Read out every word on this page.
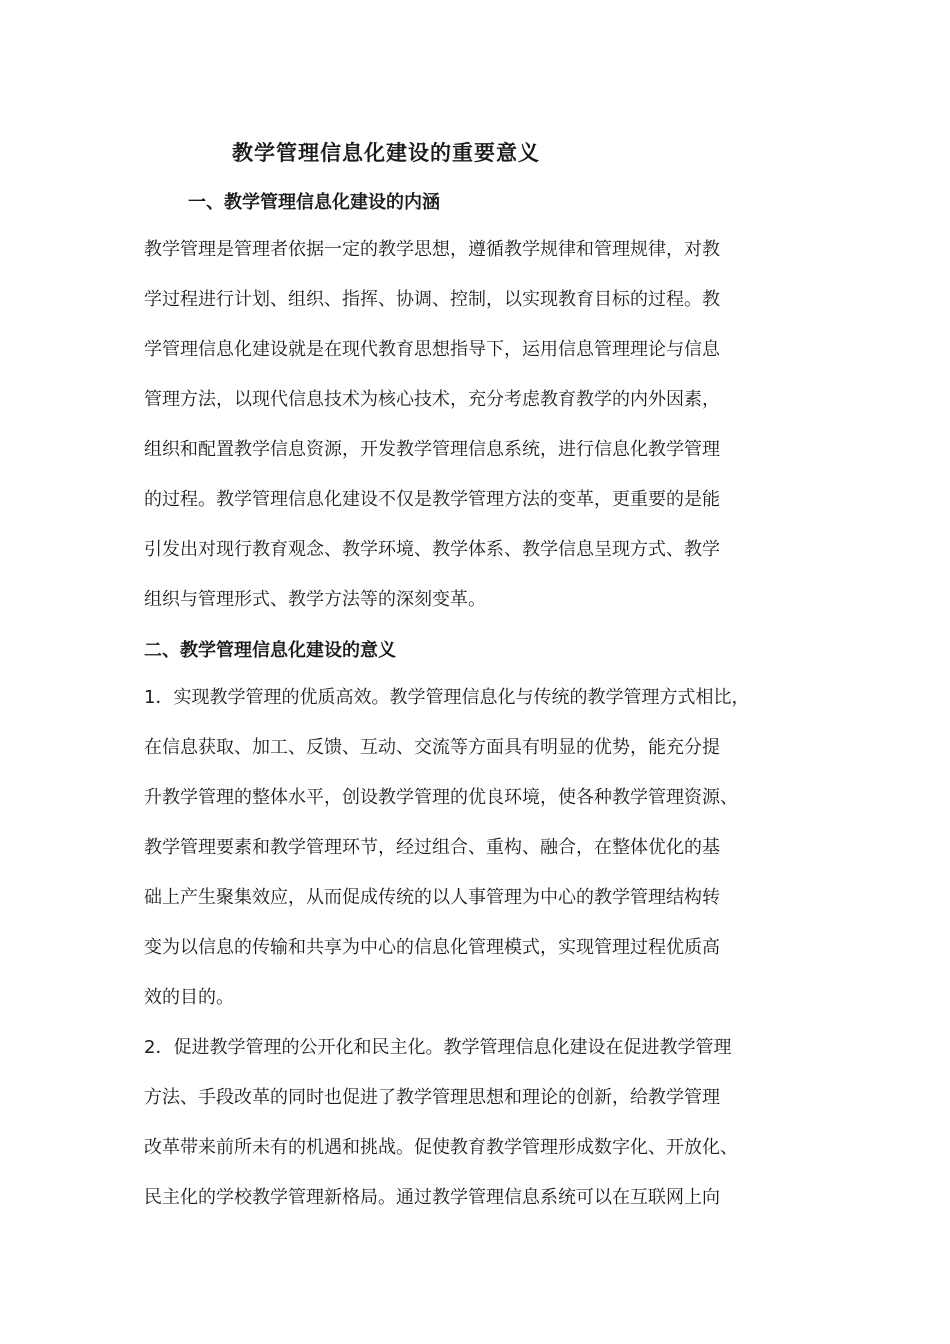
教学管理信息化建设的重要意义
一、教学管理信息化建设的内涵
教学管理是管理者依据一定的教学思想，遵循教学规律和管理规律，对教
学过程进行计划、组织、指挥、协调、控制，以实现教育目标的过程。教
学管理信息化建设就是在现代教育思想指导下，运用信息管理理论与信息
管理方法，以现代信息技术为核心技术，充分考虑教育教学的内外因素，
组织和配置教学信息资源，开发教学管理信息系统，进行信息化教学管理
的过程。教学管理信息化建设不仅是教学管理方法的变革，更重要的是能
引发出对现行教育观念、教学环境、教学体系、教学信息呈现方式、教学
组织与管理形式、教学方法等的深刻变革。
二、教学管理信息化建设的意义
1．实现教学管理的优质高效。教学管理信息化与传统的教学管理方式相比，
在信息获取、加工、反馈、互动、交流等方面具有明显的优势，能充分提
升教学管理的整体水平，创设教学管理的优良环境，使各种教学管理资源、
教学管理要素和教学管理环节，经过组合、重构、融合，在整体优化的基
础上产生聚集效应，从而促成传统的以人事管理为中心的教学管理结构转
变为以信息的传输和共享为中心的信息化管理模式，实现管理过程优质高
效的目的。
2．促进教学管理的公开化和民主化。教学管理信息化建设在促进教学管理
方法、手段改革的同时也促进了教学管理思想和理论的创新，给教学管理
改革带来前所未有的机遇和挑战。促使教育教学管理形成数字化、开放化、
民主化的学校教学管理新格局。通过教学管理信息系统可以在互联网上向
